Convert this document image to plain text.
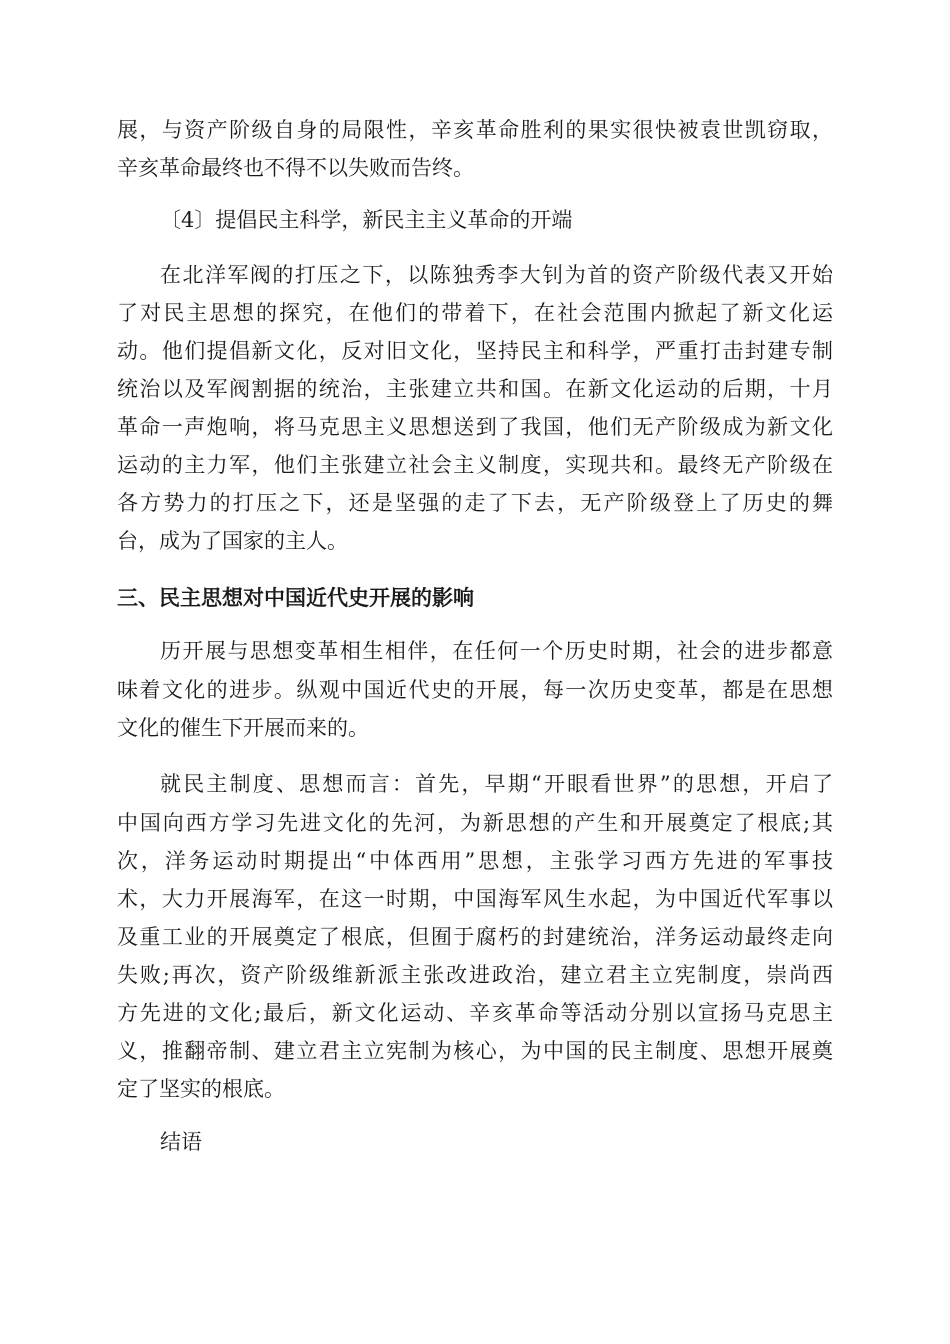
展，与资产阶级自身的局限性，辛亥革命胜利的果实很快被袁世凯窃取，
辛亥革命最终也不得不以失败而告终。
〔4〕提倡民主科学，新民主主义革命的开端
在北洋军阀的打压之下，以陈独秀李大钊为首的资产阶级代表又开始
了对民主思想的探究，在他们的带着下，在社会范围内掀起了新文化运
动。他们提倡新文化，反对旧文化，坚持民主和科学，严重打击封建专制
统治以及军阀割据的统治，主张建立共和国。在新文化运动的后期，十月
革命一声炮响，将马克思主义思想送到了我国，他们无产阶级成为新文化
运动的主力军，他们主张建立社会主义制度，实现共和。最终无产阶级在
各方势力的打压之下，还是坚强的走了下去，无产阶级登上了历史的舞
台，成为了国家的主人。
三、民主思想对中国近代史开展的影响
历开展与思想变革相生相伴，在任何一个历史时期，社会的进步都意
味着文化的进步。纵观中国近代史的开展，每一次历史变革，都是在思想
文化的催生下开展而来的。
就民主制度、思想而言：首先，早期“开眼看世界”的思想，开启了
中国向西方学习先进文化的先河，为新思想的产生和开展奠定了根底;其
次，洋务运动时期提出“中体西用”思想，主张学习西方先进的军事技
术，大力开展海军，在这一时期，中国海军风生水起，为中国近代军事以
及重工业的开展奠定了根底，但囿于腐朽的封建统治，洋务运动最终走向
失败;再次，资产阶级维新派主张改进政治，建立君主立宪制度，崇尚西
方先进的文化;最后，新文化运动、辛亥革命等活动分别以宣扬马克思主
义，推翻帝制、建立君主立宪制为核心，为中国的民主制度、思想开展奠
定了坚实的根底。
结语
